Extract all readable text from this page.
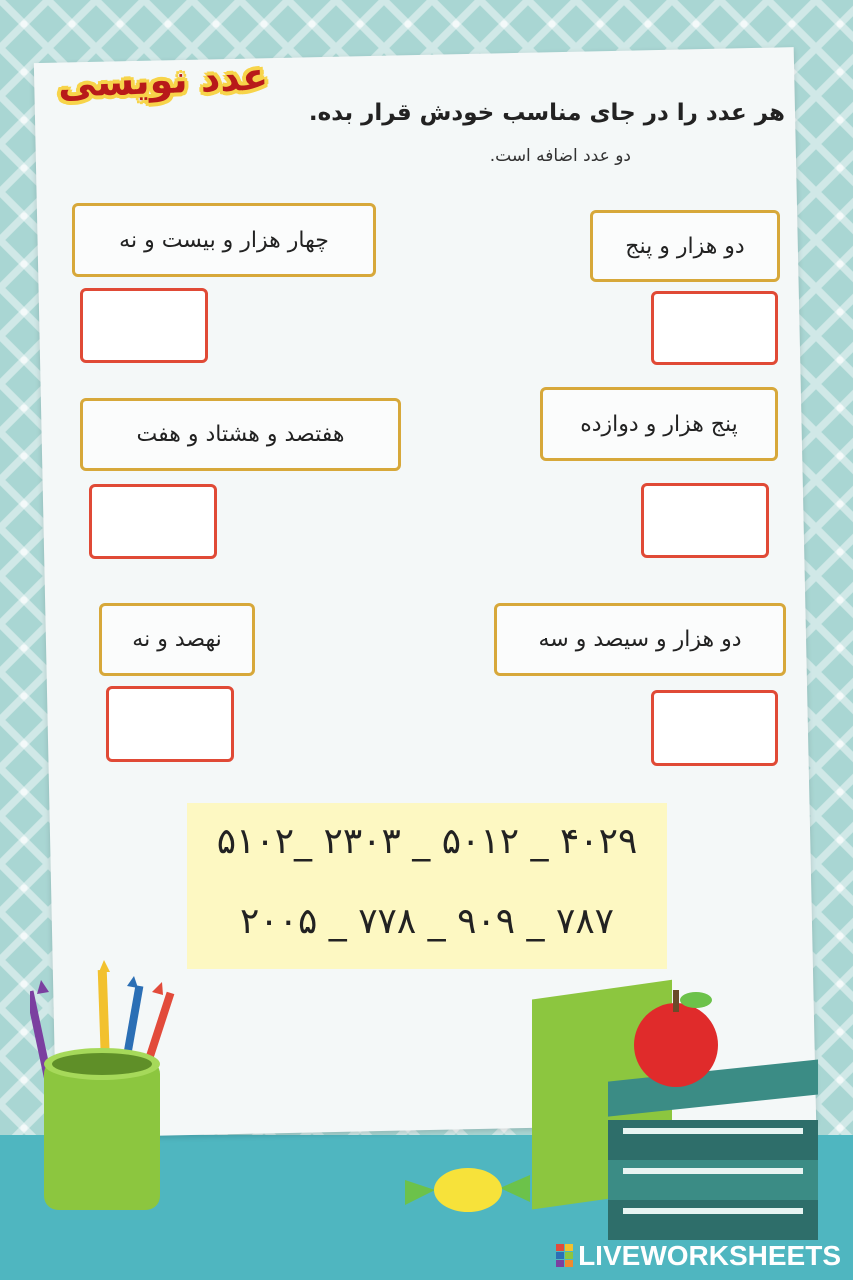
عدد نویسی
هر عدد را در جای مناسب خودش قرار بده.
دو عدد اضافه است.
دو هزار و پنج
چهار هزار و بیست و نه
پنج هزار و دوازده
هفتصد و هشتاد و هفت
دو هزار و سیصد و سه
نهصد و نه
۵۱۰۲_ ۲۳۰۳ _ ۵۰۱۲ _ ۴۰۲۹
۲۰۰۵ _ ۷۷۸ _ ۹۰۹ _ ۷۸۷
LIVEWORKSHEETS
